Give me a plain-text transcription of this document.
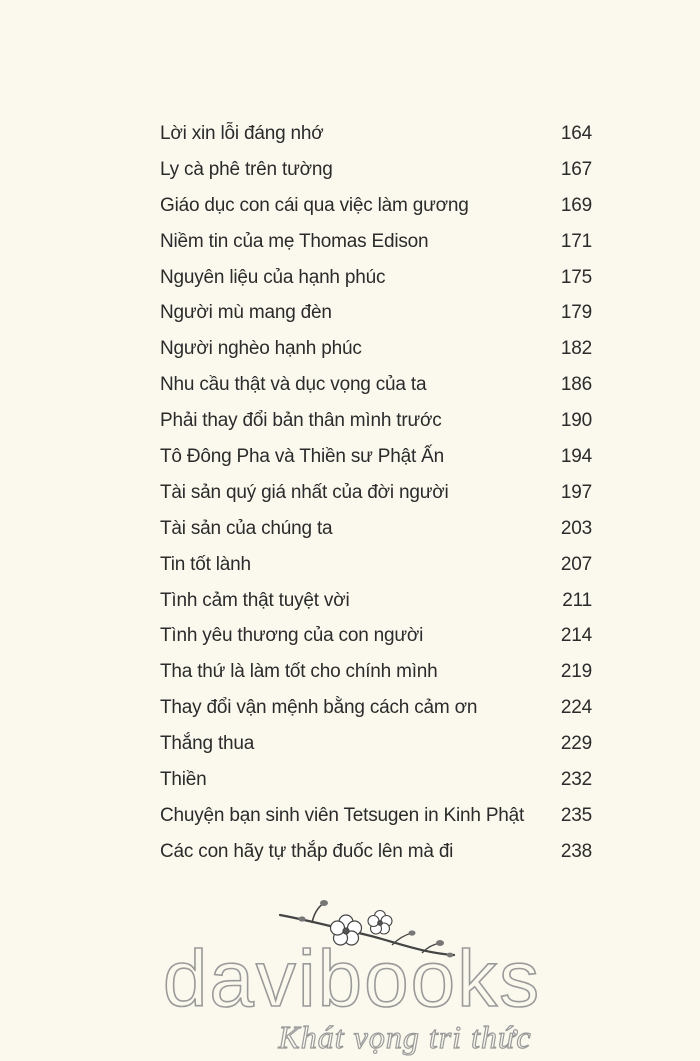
Lời xin lỗi đáng nhớ	164
Ly cà phê trên tường	167
Giáo dục con cái qua việc làm gương	169
Niềm tin của mẹ Thomas Edison	171
Nguyên liệu của hạnh phúc	175
Người mù mang đèn	179
Người nghèo hạnh phúc	182
Nhu cầu thật và dục vọng của ta	186
Phải thay đổi bản thân mình trước	190
Tô Đông Pha và Thiền sư Phật Ấn	194
Tài sản quý giá nhất của đời người	197
Tài sản của chúng ta	203
Tin tốt lành	207
Tình cảm thật tuyệt vời	211
Tình yêu thương của con người	214
Tha thứ là làm tốt cho chính mình	219
Thay đổi vận mệnh bằng cách cảm ơn	224
Thắng thua	229
Thiền	232
Chuyện bạn sinh viên Tetsugen in Kinh Phật	235
Các con hãy tự thắp đuốc lên mà đi	238
davibooks
Khát vọng tri thức
